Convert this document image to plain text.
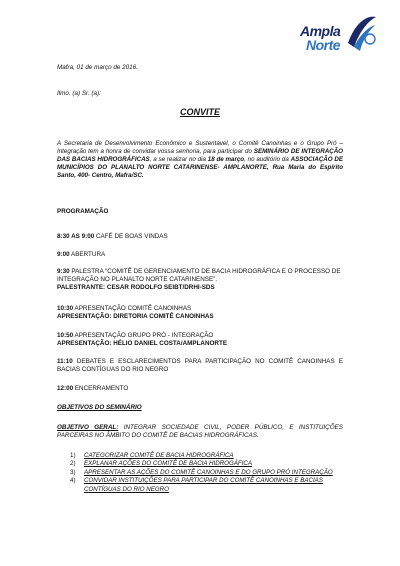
Ampla
Norte
Mafra, 01 de março de 2016.
Ilmo. (a) Sr. (a):
CONVITE
A Secretaria de Desenvolvimento Econômico e Sustentável, o Comitê Canoinhas e o Grupo Pró – Integração tem a honra de convidar vossa senhoria, para participar do SEMINÁRIO DE INTEGRAÇÃO DAS BACIAS HIDROGRÁFICAS, a se realizar no dia 18 de março, no auditório da ASSOCIAÇÃO DE MUNICÍPIOS DO PLANALTO NORTE CATARINENSE- AMPLANORTE, Rua Maria do Espírito Santo, 400- Centro, Mafra/SC.
PROGRAMAÇÃO
8:30 AS 9:00 CAFÉ DE BOAS VINDAS
9:00 ABERTURA
9:30 PALESTRA “COMITÊ DE GERENCIAMENTO DE BACIA HIDROGRÁFICA E O PROCESSO DE INTEGRAÇÃO NO PLANALTO NORTE CATARINENSE”.
PALESTRANTE: CESAR RODOLFO SEIBT/DRHI-SDS
10:30 APRESENTAÇÃO COMITÊ CANOINHAS
APRESENTAÇÃO: DIRETORIA COMITÊ CANOINHAS
10:50 APRESENTAÇÃO GRUPO PRÓ - INTEGRAÇÃO
APRESENTAÇÃO: HÉLIO DANIEL COSTA/AMPLANORTE
11:10 DEBATES E ESCLARECIMENTOS PARA PARTICIPAÇÃO NO COMITÊ CANOINHAS E BACIAS CONTÍGUAS DO RIO NEGRO
12:00 ENCERRAMENTO
OBJETIVOS DO SEMINÁRIO
OBJETIVO GERAL: INTEGRAR SOCIEDADE CIVIL, PODER PÚBLICO, E INSTITUIÇÕES PARCEIRAS NO ÂMBITO DO COMITÊ DE BACIAS HIDROGRÁFICAS.
1) CATEGORIZAR COMITÊ DE BACIA HIDROGRÁFICA
2) EXPLANAR AÇÕES DO COMITÊ DE BACIA HIDROGÁFICA
3) APRESENTAR AS AÇÕES DO COMITÊ CANOINHAS E DO GRUPO PRÓ INTEGRAÇÃO
4) CONVIDAR INSTITUIÇÕES PARA PARTICIPAR DO COMITÊ CANOINHAS E BACIAS CONTÍGUAS DO RIO NEGRO
